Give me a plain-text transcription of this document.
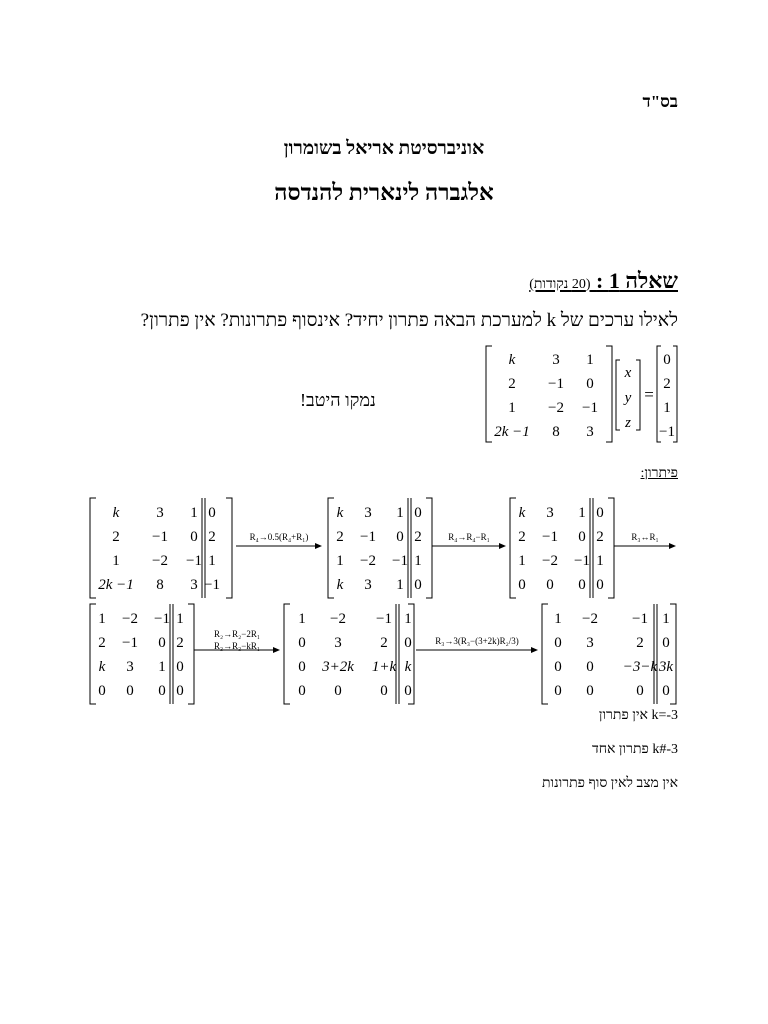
בס"ד
אוניברסיטת אריאל בשומרון
אלגברה לינארית להנדסה
שאלה 1 : (20 נקודות)
לאילו ערכים של k למערכת הבאה פתרון יחיד? אינסוף פתרונות? אין פתרון?
נמקו היטב!	=
k 3 1
2 −1 0
1 −2 −1
2k −1 8 3
x
y
z
0
2
1
−1
פיתרון:
k 3 1 0
2 −1 0 2
1 −2 −1 1
2k −1 8 3 −1
R₄→0.5(R₄+R₁)
k 3 1 0
2 −1 0 2
1 −2 −1 1
k 3 1 0
R₄→R₄−R₁
k 3 1 0
2 −1 0 2
1 −2 −1 1
0 0 0 0
R₃↔R₁
1 −2 −1 1
2 −1 0 2
k 3 1 0
0 0 0 0
R₂→R₂−2R₁
R₃→R₃−kR₁
1 −2 −1 1
0 3	2 0
0 3+2k 1+k k
0 0	0 0
R₃→3(R₃−(3+2k)R₂/3)
1 −2 −1 1
0 3	2 0
0 0 −3−k 3k
0 0	0 0
k=-3 אין פתרון
k#-3 פתרון אחד
אין מצב לאין סוף פתרונות
